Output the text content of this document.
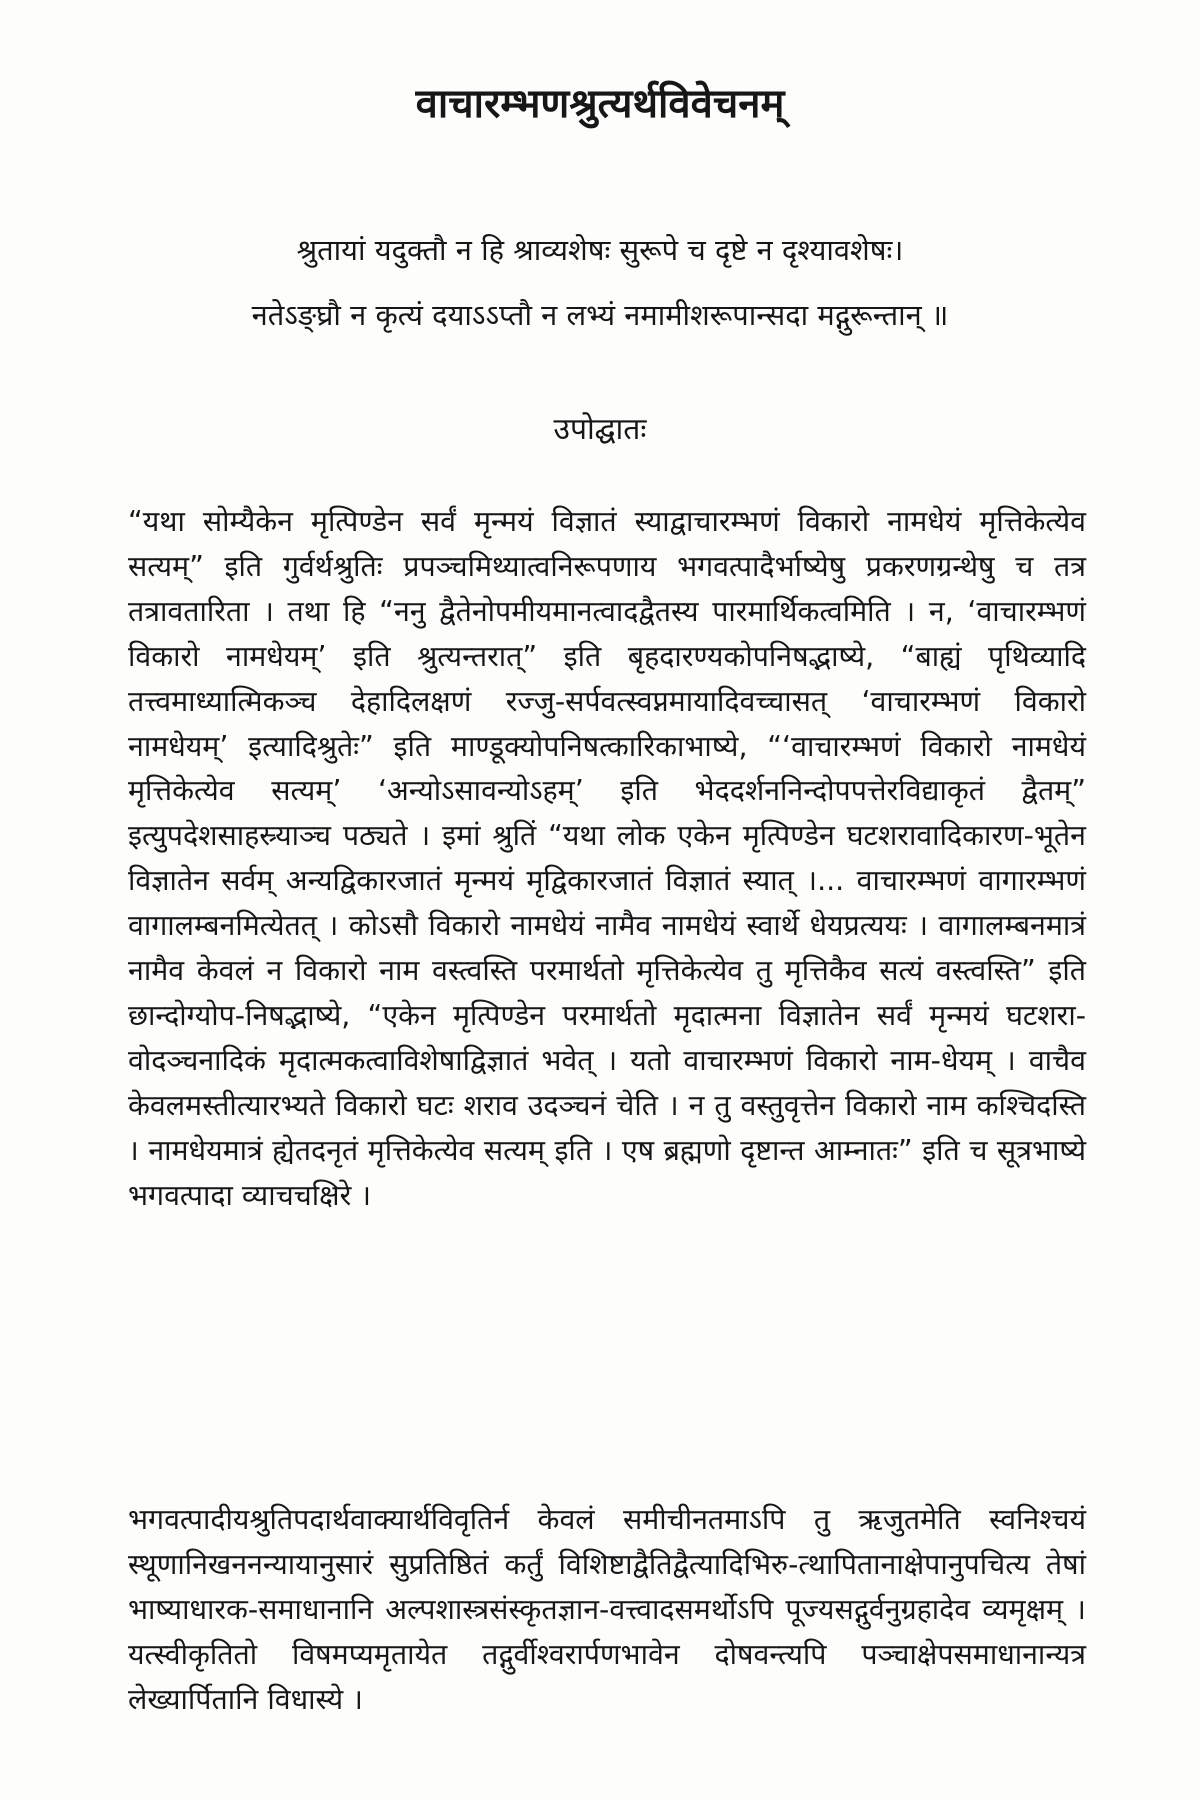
वाचारम्भणश्रुत्यर्थविवेचनम्
श्रुतायां यदुक्तौ न हि श्राव्यशेषः सुरूपे च दृष्टे न दृश्यावशेषः।
नतेऽङ्घ्रौ न कृत्यं दयाऽऽप्तौ न लभ्यं नमामीशरूपान्सदा मद्गुरून्तान् ॥
उपोद्घातः

“यथा सोम्यैकेन मृत्पिण्डेन सर्वं मृन्मयं विज्ञातं स्याद्वाचारम्भणं विकारो नामधेयं मृत्तिकेत्येव सत्यम्” इति गुर्वर्थश्रुतिः प्रपञ्चमिथ्यात्वनिरूपणाय भगवत्पादैर्भाष्येषु प्रकरणग्रन्थेषु च तत्र तत्रावतारिता । तथा हि “ननु द्वैतेनोपमीयमानत्वादद्वैतस्य पारमार्थिकत्वमिति । न, ‘वाचारम्भणं विकारो नामधेयम्’ इति श्रुत्यन्तरात्” इति बृहदारण्यकोपनिषद्भाष्ये, “बाह्यं पृथिव्यादि तत्त्वमाध्यात्मिकञ्च देहादिलक्षणं रज्जु-सर्पवत्स्वप्नमायादिवच्चासत् ‘वाचारम्भणं विकारो नामधेयम्’ इत्यादिश्रुतेः” इति माण्डूक्योपनिषत्कारिकाभाष्ये, “‘वाचारम्भणं विकारो नामधेयं मृत्तिकेत्येव सत्यम्’ ‘अन्योऽसावन्योऽहम्’ इति भेददर्शननिन्दोपपत्तेरविद्याकृतं द्वैतम्” इत्युपदेशसाहस्र्याञ्च पठ्यते । इमां श्रुतिं “यथा लोक एकेन मृत्पिण्डेन घटशरावादिकारण-भूतेन विज्ञातेन सर्वम् अन्यद्विकारजातं मृन्मयं मृद्विकारजातं विज्ञातं स्यात् ।... वाचारम्भणं वागारम्भणं वागालम्बनमित्येतत् । कोऽसौ विकारो नामधेयं नामैव नामधेयं स्वार्थे धेयप्रत्ययः । वागालम्बनमात्रं नामैव केवलं न विकारो नाम वस्त्वस्ति परमार्थतो मृत्तिकेत्येव तु मृत्तिकैव सत्यं वस्त्वस्ति” इति छान्दोग्योप-निषद्भाष्ये, “एकेन मृत्पिण्डेन परमार्थतो मृदात्मना विज्ञातेन सर्वं मृन्मयं घटशरा-वोदञ्चनादिकं मृदात्मकत्वाविशेषाद्विज्ञातं भवेत् । यतो वाचारम्भणं विकारो नाम-धेयम् । वाचैव केवलमस्तीत्यारभ्यते विकारो घटः शराव उदञ्चनं चेति । न तु वस्तुवृत्तेन विकारो नाम कश्चिदस्ति । नामधेयमात्रं ह्येतदनृतं मृत्तिकेत्येव सत्यम् इति । एष ब्रह्मणो दृष्टान्त आम्नातः” इति च सूत्रभाष्ये भगवत्पादा व्याचचक्षिरे ।

भगवत्पादीयश्रुतिपदार्थवाक्यार्थविवृतिर्न केवलं समीचीनतमाऽपि तु ऋजुतमेति स्वनिश्चयं स्थूणानिखननन्यायानुसारं सुप्रतिष्ठितं कर्तुं विशिष्टाद्वैतिद्वैत्यादिभिरु-त्थापितानाक्षेपानुपचित्य तेषां भाष्याधारक-समाधानानि अल्पशास्त्रसंस्कृतज्ञान-वत्त्वादसमर्थोऽपि पूज्यसद्गुर्वनुग्रहादेव व्यमृक्षम् । यत्स्वीकृतितो विषमप्यमृतायेत तद्गुर्वीश्वरार्पणभावेन दोषवन्त्यपि पञ्चाक्षेपसमाधानान्यत्र लेख्यार्पितानि विधास्ये ।
